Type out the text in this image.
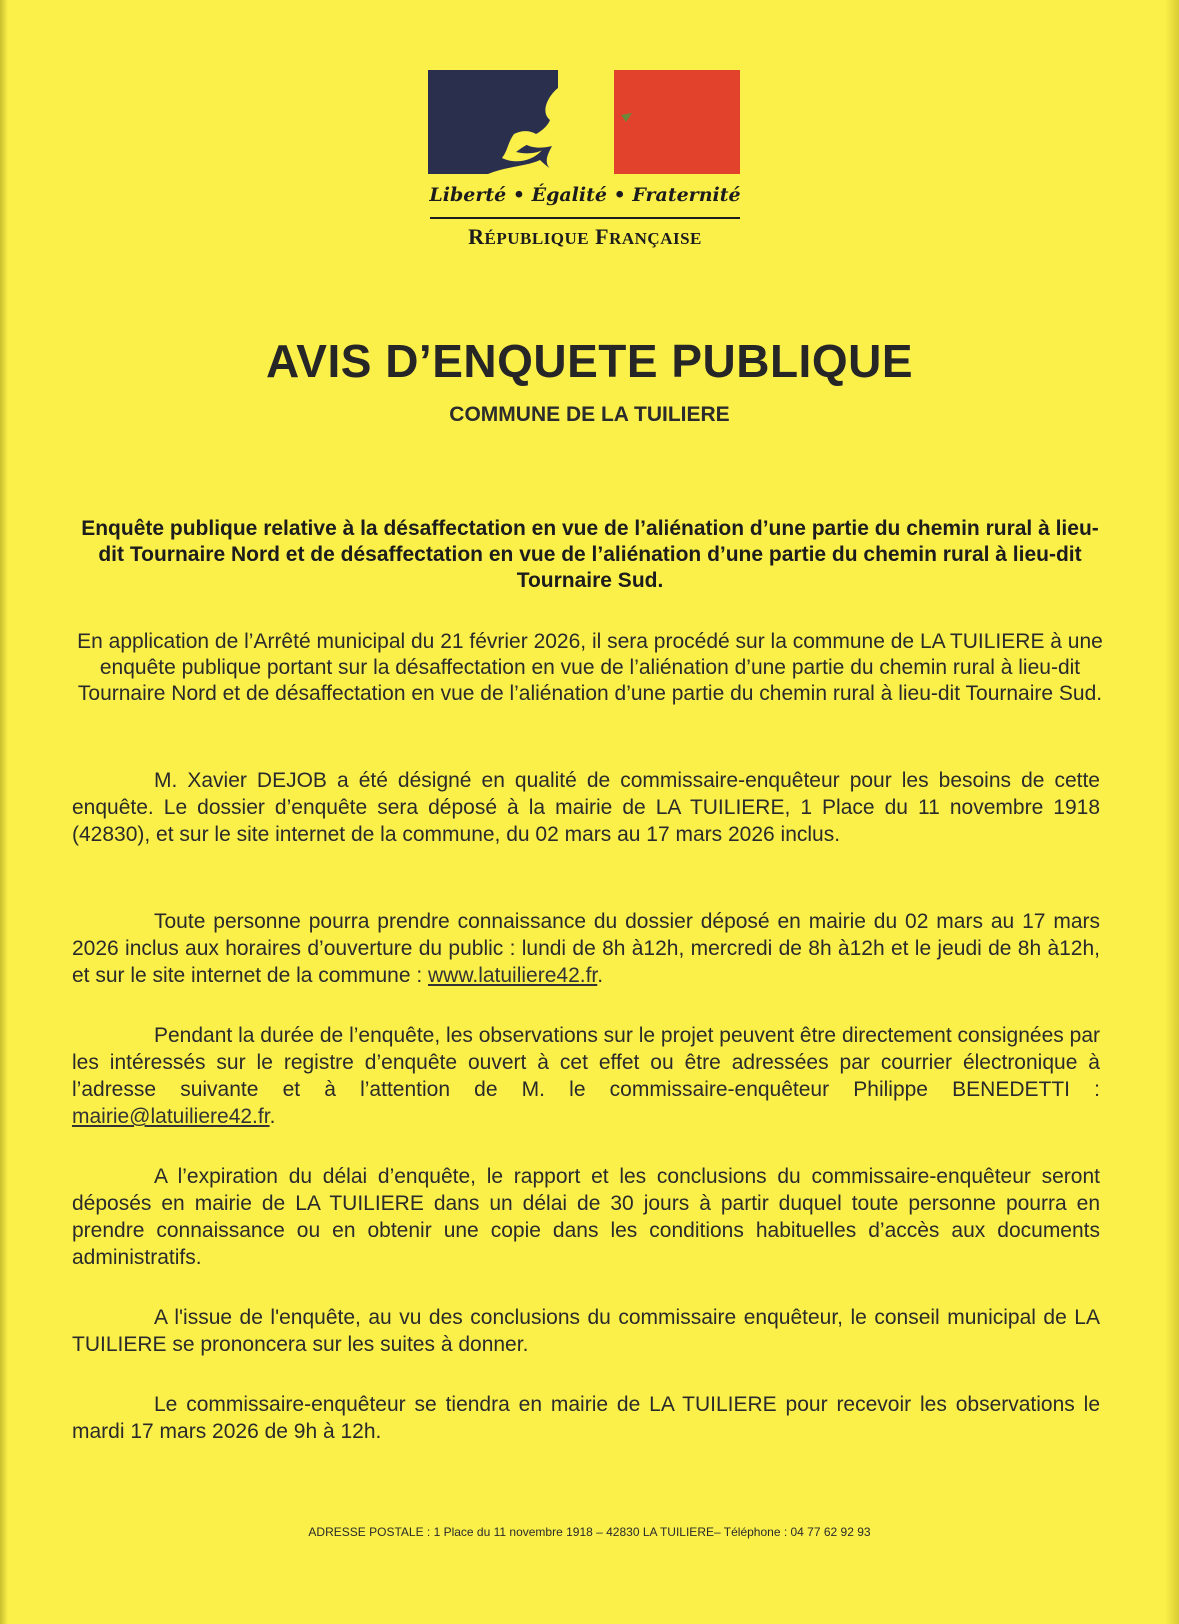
Liberté • Égalité • Fraternité
RÉPUBLIQUE FRANÇAISE
AVIS D’ENQUETE PUBLIQUE
COMMUNE DE LA TUILIERE
Enquête publique relative à la désaffectation en vue de l’aliénation d’une partie du chemin rural à lieu-dit Tournaire Nord et de désaffectation en vue de l’aliénation d’une partie du chemin rural à lieu-dit Tournaire Sud.
En application de l’Arrêté municipal du 21 février 2026, il sera procédé sur la commune de LA TUILIERE à une enquête publique portant sur la désaffectation en vue de l’aliénation d’une partie du chemin rural à lieu-dit Tournaire Nord et de désaffectation en vue de l’aliénation d’une partie du chemin rural à lieu-dit Tournaire Sud.
M. Xavier DEJOB a été désigné en qualité de commissaire-enquêteur pour les besoins de cette enquête. Le dossier d’enquête sera déposé à la mairie de LA TUILIERE, 1 Place du 11 novembre 1918 (42830), et sur le site internet de la commune, du 02 mars au 17 mars 2026 inclus.
Toute personne pourra prendre connaissance du dossier déposé en mairie du 02 mars au 17 mars 2026 inclus aux horaires d’ouverture du public : lundi de 8h à12h, mercredi de 8h à12h et le jeudi de 8h à12h, et sur le site internet de la commune : www.latuiliere42.fr.
Pendant la durée de l’enquête, les observations sur le projet peuvent être directement consignées par les intéressés sur le registre d’enquête ouvert à cet effet ou être adressées par courrier électronique à l’adresse suivante et à l’attention de M. le commissaire-enquêteur Philippe BENEDETTI : mairie@latuiliere42.fr.
A l’expiration du délai d’enquête, le rapport et les conclusions du commissaire-enquêteur seront déposés en mairie de LA TUILIERE dans un délai de 30 jours à partir duquel toute personne pourra en prendre connaissance ou en obtenir une copie dans les conditions habituelles d’accès aux documents administratifs.
A l'issue de l'enquête, au vu des conclusions du commissaire enquêteur, le conseil municipal de LA TUILIERE se prononcera sur les suites à donner.
Le commissaire-enquêteur se tiendra en mairie de LA TUILIERE pour recevoir les observations le mardi 17 mars 2026 de 9h à 12h.
ADRESSE POSTALE : 1 Place du 11 novembre 1918 – 42830 LA TUILIERE– Téléphone : 04 77 62 92 93
